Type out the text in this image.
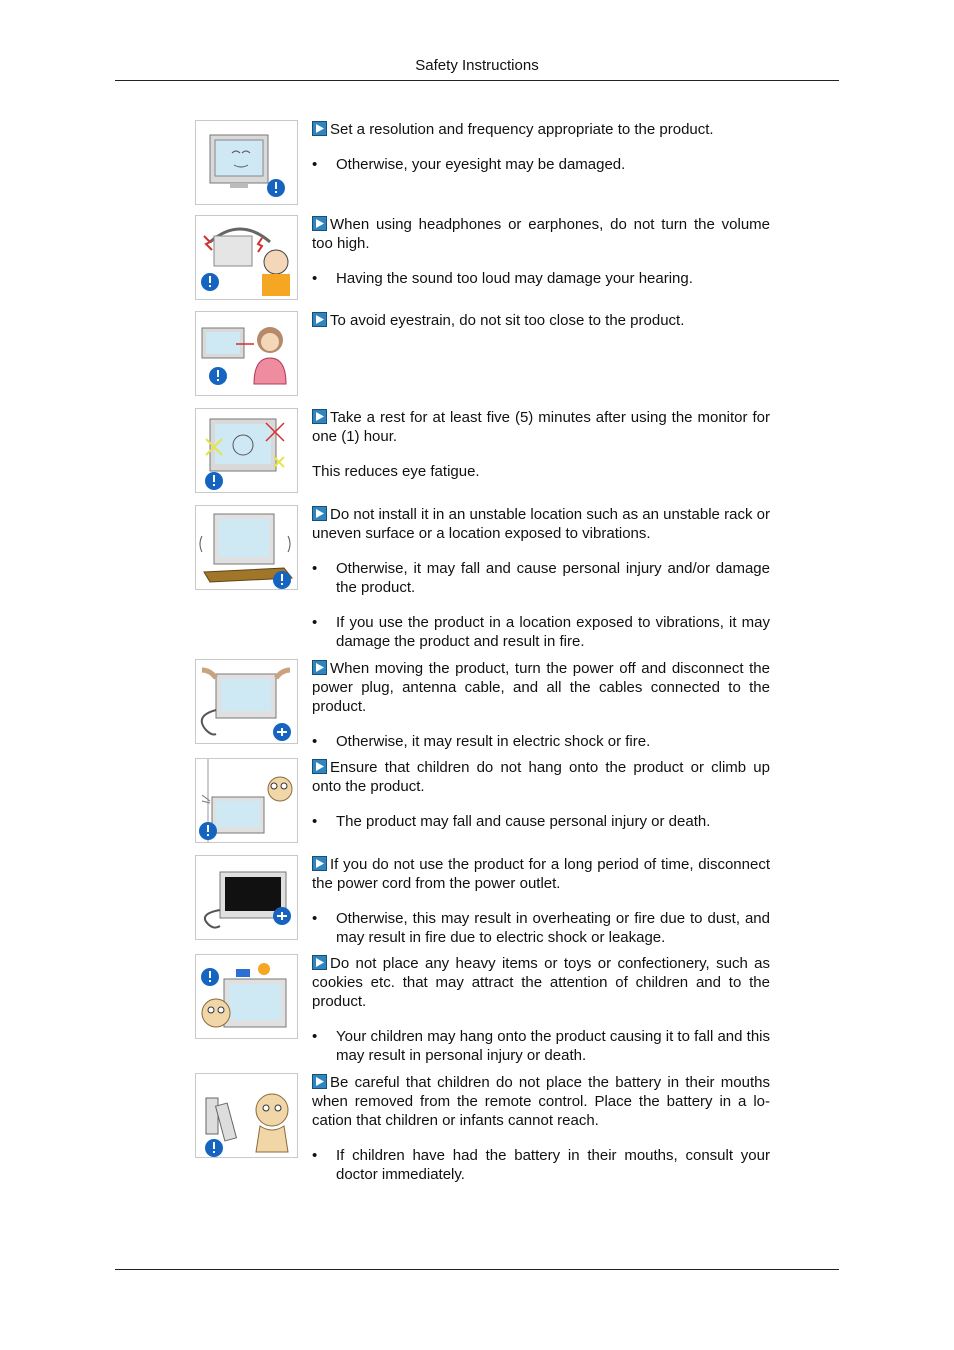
Safety Instructions

Set a resolution and frequency appropriate to the product.

• Otherwise, your eyesight may be damaged.

When using headphones or earphones, do not turn the volume too high.

• Having the sound too loud may damage your hearing.

To avoid eyestrain, do not sit too close to the product.

Take a rest for at least five (5) minutes after using the monitor for one (1) hour.

This reduces eye fatigue.

Do not install it in an unstable location such as an unstable rack or uneven surface or a location exposed to vibrations.

• Otherwise, it may fall and cause personal injury and/or damage the product.

• If you use the product in a location exposed to vibrations, it may damage the product and result in fire.

When moving the product, turn the power off and disconnect the power plug, antenna cable, and all the cables connected to the product.

• Otherwise, it may result in electric shock or fire.

Ensure that children do not hang onto the product or climb up onto the product.

• The product may fall and cause personal injury or death.

If you do not use the product for a long period of time, disconnect the power cord from the power outlet.

• Otherwise, this may result in overheating or fire due to dust, and may result in fire due to electric shock or leakage.

Do not place any heavy items or toys or confectionery, such as cookies etc. that may attract the attention of children and to the product.

• Your children may hang onto the product causing it to fall and this may result in personal injury or death.

Be careful that children do not place the battery in their mouths when removed from the remote control. Place the battery in a lo-cation that children or infants cannot reach.

• If children have had the battery in their mouths, consult your doctor immediately.
